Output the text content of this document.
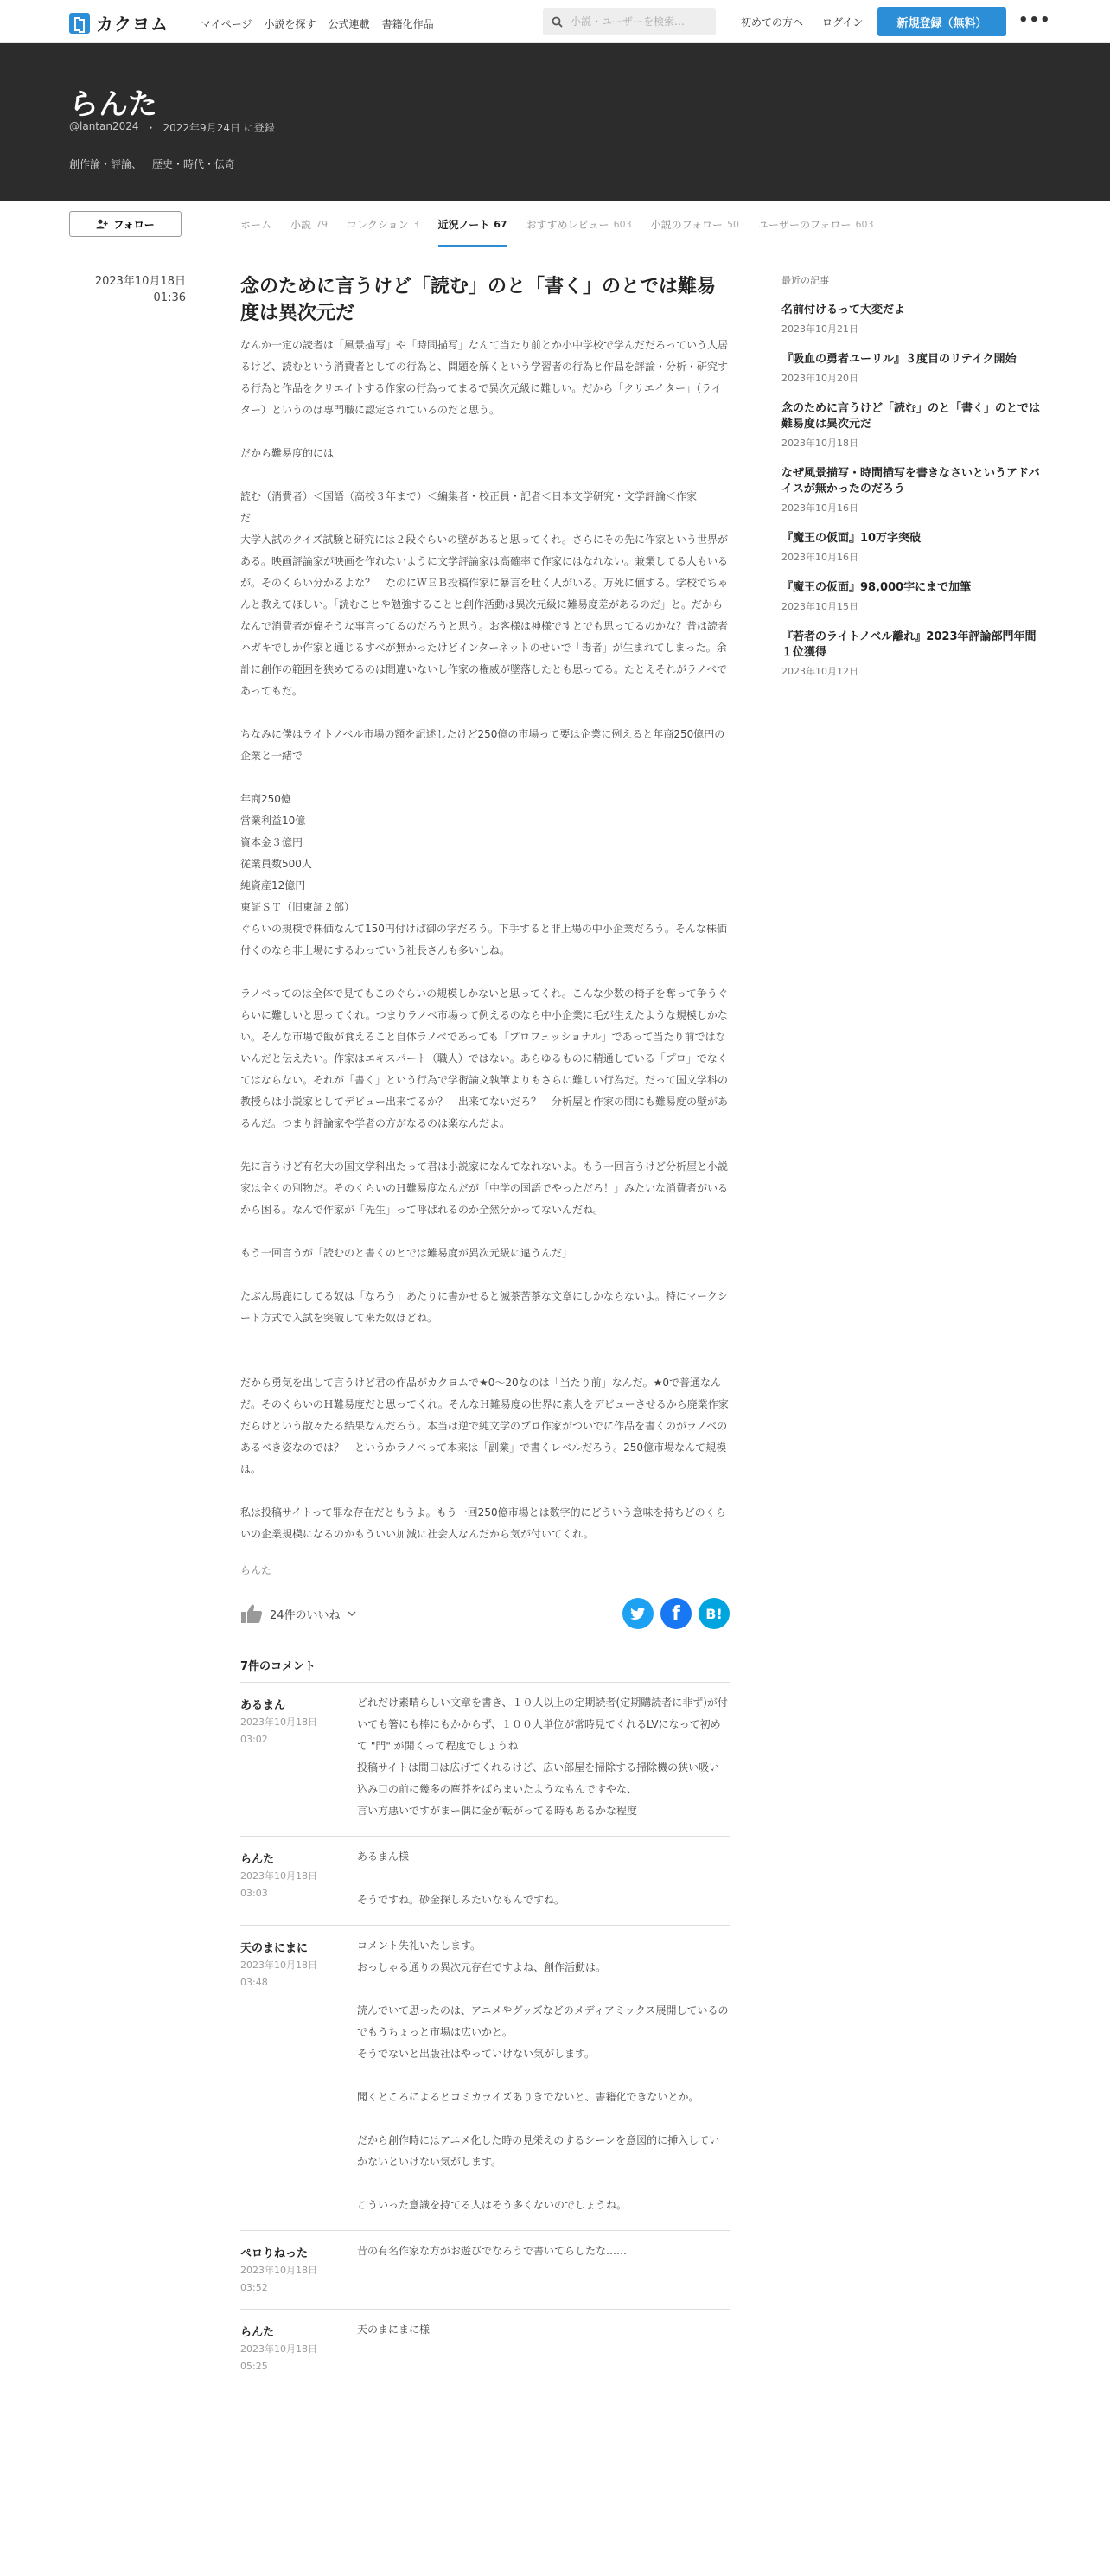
カクヨム	マイページ 小説を探す 公式連載 書籍化作品
小説・ユーザーを検索…	初めての方へ ログイン	新規登録（無料）	•••
らんた
@lantan2024 ・ 2022年9月24日 に登録
創作論・評論、 歴史・時代・伝奇
フォロー	ホーム 小説 79 コレクション 3 近況ノート 67 おすすめレビュー 603 小説のフォロー 50 ユーザーのフォロー 603
2023年10月18日
01:36
念のために言うけど「読む」のと「書く」のとでは難易度は異次元だ

なんか一定の読者は「風景描写」や「時間描写」なんて当たり前とか小中学校で学んだだろっていう人居るけど、読むという消費者としての行為と、問題を解くという学習者の行為と作品を評論・分析・研究する行為と作品をクリエイトする作家の行為ってまるで異次元級に難しい。だから「クリエイター」（ライター）というのは専門職に認定されているのだと思う。

だから難易度的には

読む（消費者）＜国語（高校３年まで）＜編集者・校正員・記者＜日本文学研究・文学評論＜作家
だ
大学入試のクイズ試験と研究には２段ぐらいの壁があると思ってくれ。さらにその先に作家という世界がある。映画評論家が映画を作れないように文学評論家は高確率で作家にはなれない。兼業してる人もいるが。そのくらい分かるよな？　なのにＷＥＢ投稿作家に暴言を吐く人がいる。万死に値する。学校でちゃんと教えてほしい。「読むことや勉強することと創作活動は異次元級に難易度差があるのだ」と。だからなんで消費者が偉そうな事言ってるのだろうと思う。お客様は神様ですとでも思ってるのかな？昔は読者ハガキでしか作家と通じるすべが無かったけどインターネットのせいで「毒者」が生まれてしまった。余計に創作の範囲を狭めてるのは間違いないし作家の権威が墜落したとも思ってる。たとえそれがラノベであってもだ。

ちなみに僕はライトノベル市場の額を記述したけど250億の市場って要は企業に例えると年商250億円の企業と一緒で

年商250億
営業利益10億
資本金３億円
従業員数500人
純資産12億円
東証ＳＴ（旧東証２部）
ぐらいの規模で株価なんて150円付けば御の字だろう。下手すると非上場の中小企業だろう。そんな株価付くのなら非上場にするわっていう社長さんも多いしね。

ラノベってのは全体で見てもこのぐらいの規模しかないと思ってくれ。こんな少数の椅子を奪って争うぐらいに難しいと思ってくれ。つまりラノベ市場って例えるのなら中小企業に毛が生えたような規模しかない。そんな市場で飯が食えること自体ラノベであっても「プロフェッショナル」であって当たり前ではないんだと伝えたい。作家はエキスパート（職人）ではない。あらゆるものに精通している「プロ」でなくてはならない。それが「書く」という行為で学術論文執筆よりもさらに難しい行為だ。だって国文学科の教授らは小説家としてデビュー出来てるか？　出来てないだろ？　分析屋と作家の間にも難易度の壁があるんだ。つまり評論家や学者の方がなるのは楽なんだよ。

先に言うけど有名大の国文学科出たって君は小説家になんてなれないよ。もう一回言うけど分析屋と小説家は全くの別物だ。そのくらいのＨ難易度なんだが「中学の国語でやっただろ！」みたいな消費者がいるから困る。なんで作家が「先生」って呼ばれるのか全然分かってないんだね。

もう一回言うが「読むのと書くのとでは難易度が異次元級に違うんだ」

たぶん馬鹿にしてる奴は「なろう」あたりに書かせると滅茶苦茶な文章にしかならないよ。特にマークシート方式で入試を突破して来た奴ほどね。

だから勇気を出して言うけど君の作品がカクヨムで★0〜20なのは「当たり前」なんだ。★0で普通なんだ。そのくらいのＨ難易度だと思ってくれ。そんなＨ難易度の世界に素人をデビューさせるから廃業作家だらけという散々たる結果なんだろう。本当は逆で純文学のプロ作家がついでに作品を書くのがラノベのあるべき姿なのでは？　というかラノベって本来は「副業」で書くレベルだろう。250億市場なんて規模は。

私は投稿サイトって罪な存在だともうよ。もう一回250億市場とは数字的にどういう意味を持ちどのくらいの企業規模になるのかもういい加減に社会人なんだから気が付いてくれ。

らんた
24件のいいね	f B!
7件のコメント
あるまん
2023年10月18日
03:02
どれだけ素晴らしい文章を書き、１０人以上の定期読者(定期購読者に非ず)が付いても箸にも棒にもかからず、１００人単位が常時見てくれるLVになって初めて "門" が開くって程度でしょうね
投稿サイトは間口は広げてくれるけど、広い部屋を掃除する掃除機の狭い吸い込み口の前に幾多の塵芥をばらまいたようなもんですやな、
言い方悪いですがまー偶に金が転がってる時もあるかな程度
らんた
2023年10月18日
03:03
あるまん様

そうですね。砂金探しみたいなもんですね。
天のまにまに
2023年10月18日
03:48
コメント失礼いたします。
おっしゃる通りの異次元存在ですよね、創作活動は。

読んでいて思ったのは、アニメやグッズなどのメディアミックス展開しているのでもうちょっと市場は広いかと。
そうでないと出版社はやっていけない気がします。

聞くところによるとコミカライズありきでないと、書籍化できないとか。

だから創作時にはアニメ化した時の見栄えのするシーンを意図的に挿入していかないといけない気がします。

こういった意識を持てる人はそう多くないのでしょうね。
ペロりねった
2023年10月18日
03:52
昔の有名作家な方がお遊びでなろうで書いてらしたな……
らんた
2023年10月18日
05:25
天のまにまに様
最近の記事
名前付けるって大変だよ
2023年10月21日
『吸血の勇者ユーリル』３度目のリテイク開始
2023年10月20日
念のために言うけど「読む」のと「書く」のとでは難易度は異次元だ
2023年10月18日
なぜ風景描写・時間描写を書きなさいというアドバイスが無かったのだろう
2023年10月16日
『魔王の仮面』10万字突破
2023年10月16日
『魔王の仮面』98,000字にまで加筆
2023年10月15日
『若者のライトノベル離れ』2023年評論部門年間１位獲得
2023年10月12日
